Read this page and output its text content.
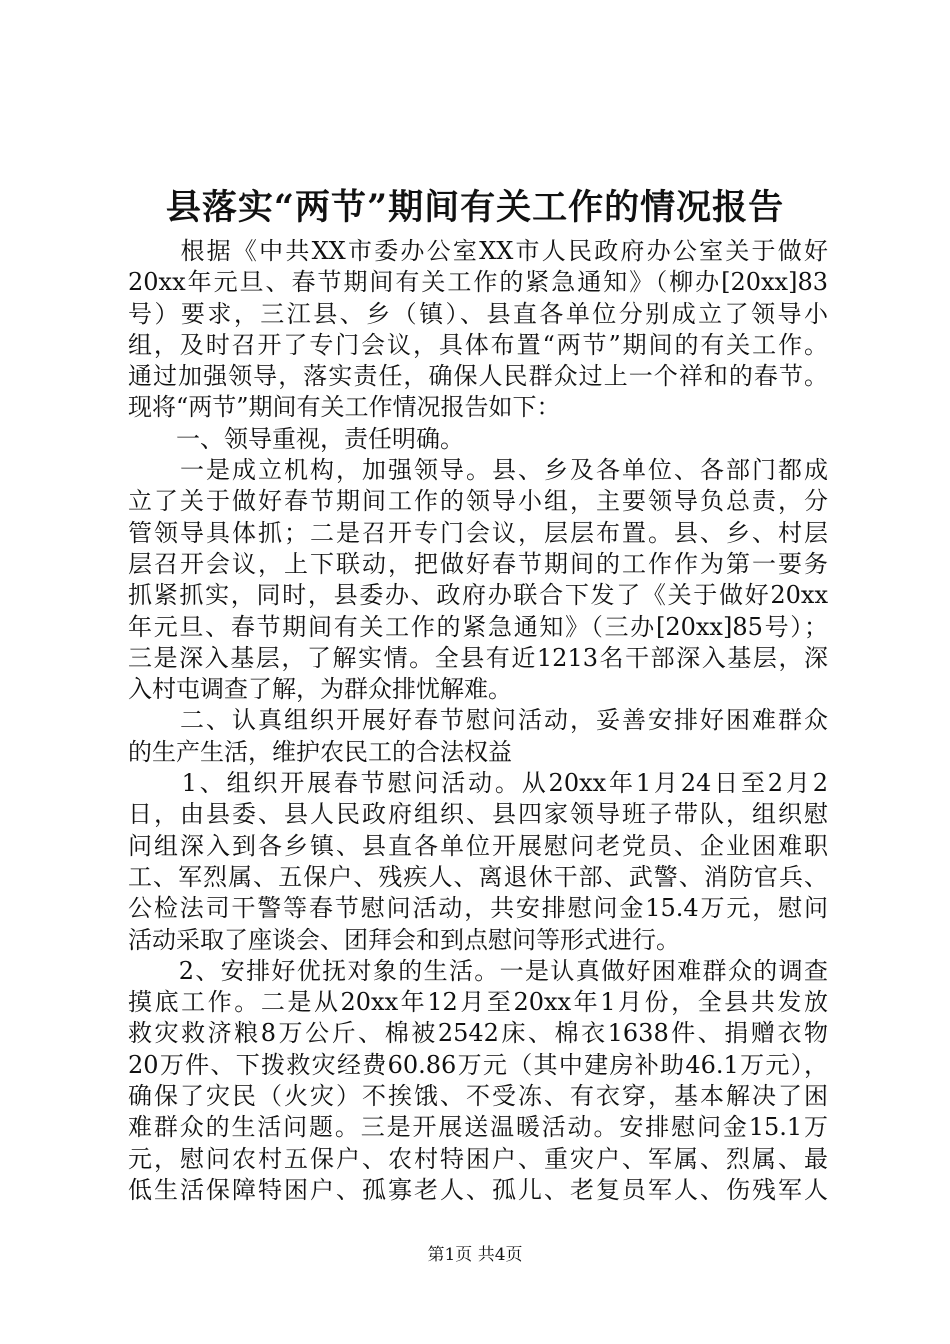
县落实“两节”期间有关工作的情况报告
　　根据《中共XX市委办公室XX市人民政府办公室关于做好
20xx年元旦、春节期间有关工作的紧急通知》（柳办[20xx]83
号）要求，三江县、乡（镇）、县直各单位分别成立了领导小
组，及时召开了专门会议，具体布置“两节”期间的有关工作。
通过加强领导，落实责任，确保人民群众过上一个祥和的春节。
现将“两节”期间有关工作情况报告如下：
　　一、领导重视，责任明确。
　　一是成立机构，加强领导。县、乡及各单位、各部门都成
立了关于做好春节期间工作的领导小组，主要领导负总责，分
管领导具体抓；二是召开专门会议，层层布置。县、乡、村层
层召开会议，上下联动，把做好春节期间的工作作为第一要务
抓紧抓实，同时，县委办、政府办联合下发了《关于做好20xx
年元旦、春节期间有关工作的紧急通知》（三办[20xx]85号）；
三是深入基层，了解实情。全县有近1213名干部深入基层，深
入村屯调查了解，为群众排忧解难。
　　二、认真组织开展好春节慰问活动，妥善安排好困难群众
的生产生活，维护农民工的合法权益
　　1、组织开展春节慰问活动。从20xx年1月24日至2月2
日，由县委、县人民政府组织、县四家领导班子带队，组织慰
问组深入到各乡镇、县直各单位开展慰问老党员、企业困难职
工、军烈属、五保户、残疾人、离退休干部、武警、消防官兵、
公检法司干警等春节慰问活动，共安排慰问金15.4万元，慰问
活动采取了座谈会、团拜会和到点慰问等形式进行。
　　2、安排好优抚对象的生活。一是认真做好困难群众的调查
摸底工作。二是从20xx年12月至20xx年1月份，全县共发放
救灾救济粮8万公斤、棉被2542床、棉衣1638件、捐赠衣物
20万件、下拨救灾经费60.86万元（其中建房补助46.1万元），
确保了灾民（火灾）不挨饿、不受冻、有衣穿，基本解决了困
难群众的生活问题。三是开展送温暖活动。安排慰问金15.1万
元，慰问农村五保户、农村特困户、重灾户、军属、烈属、最
低生活保障特困户、孤寡老人、孤儿、老复员军人、伤残军人
第1页 共4页
